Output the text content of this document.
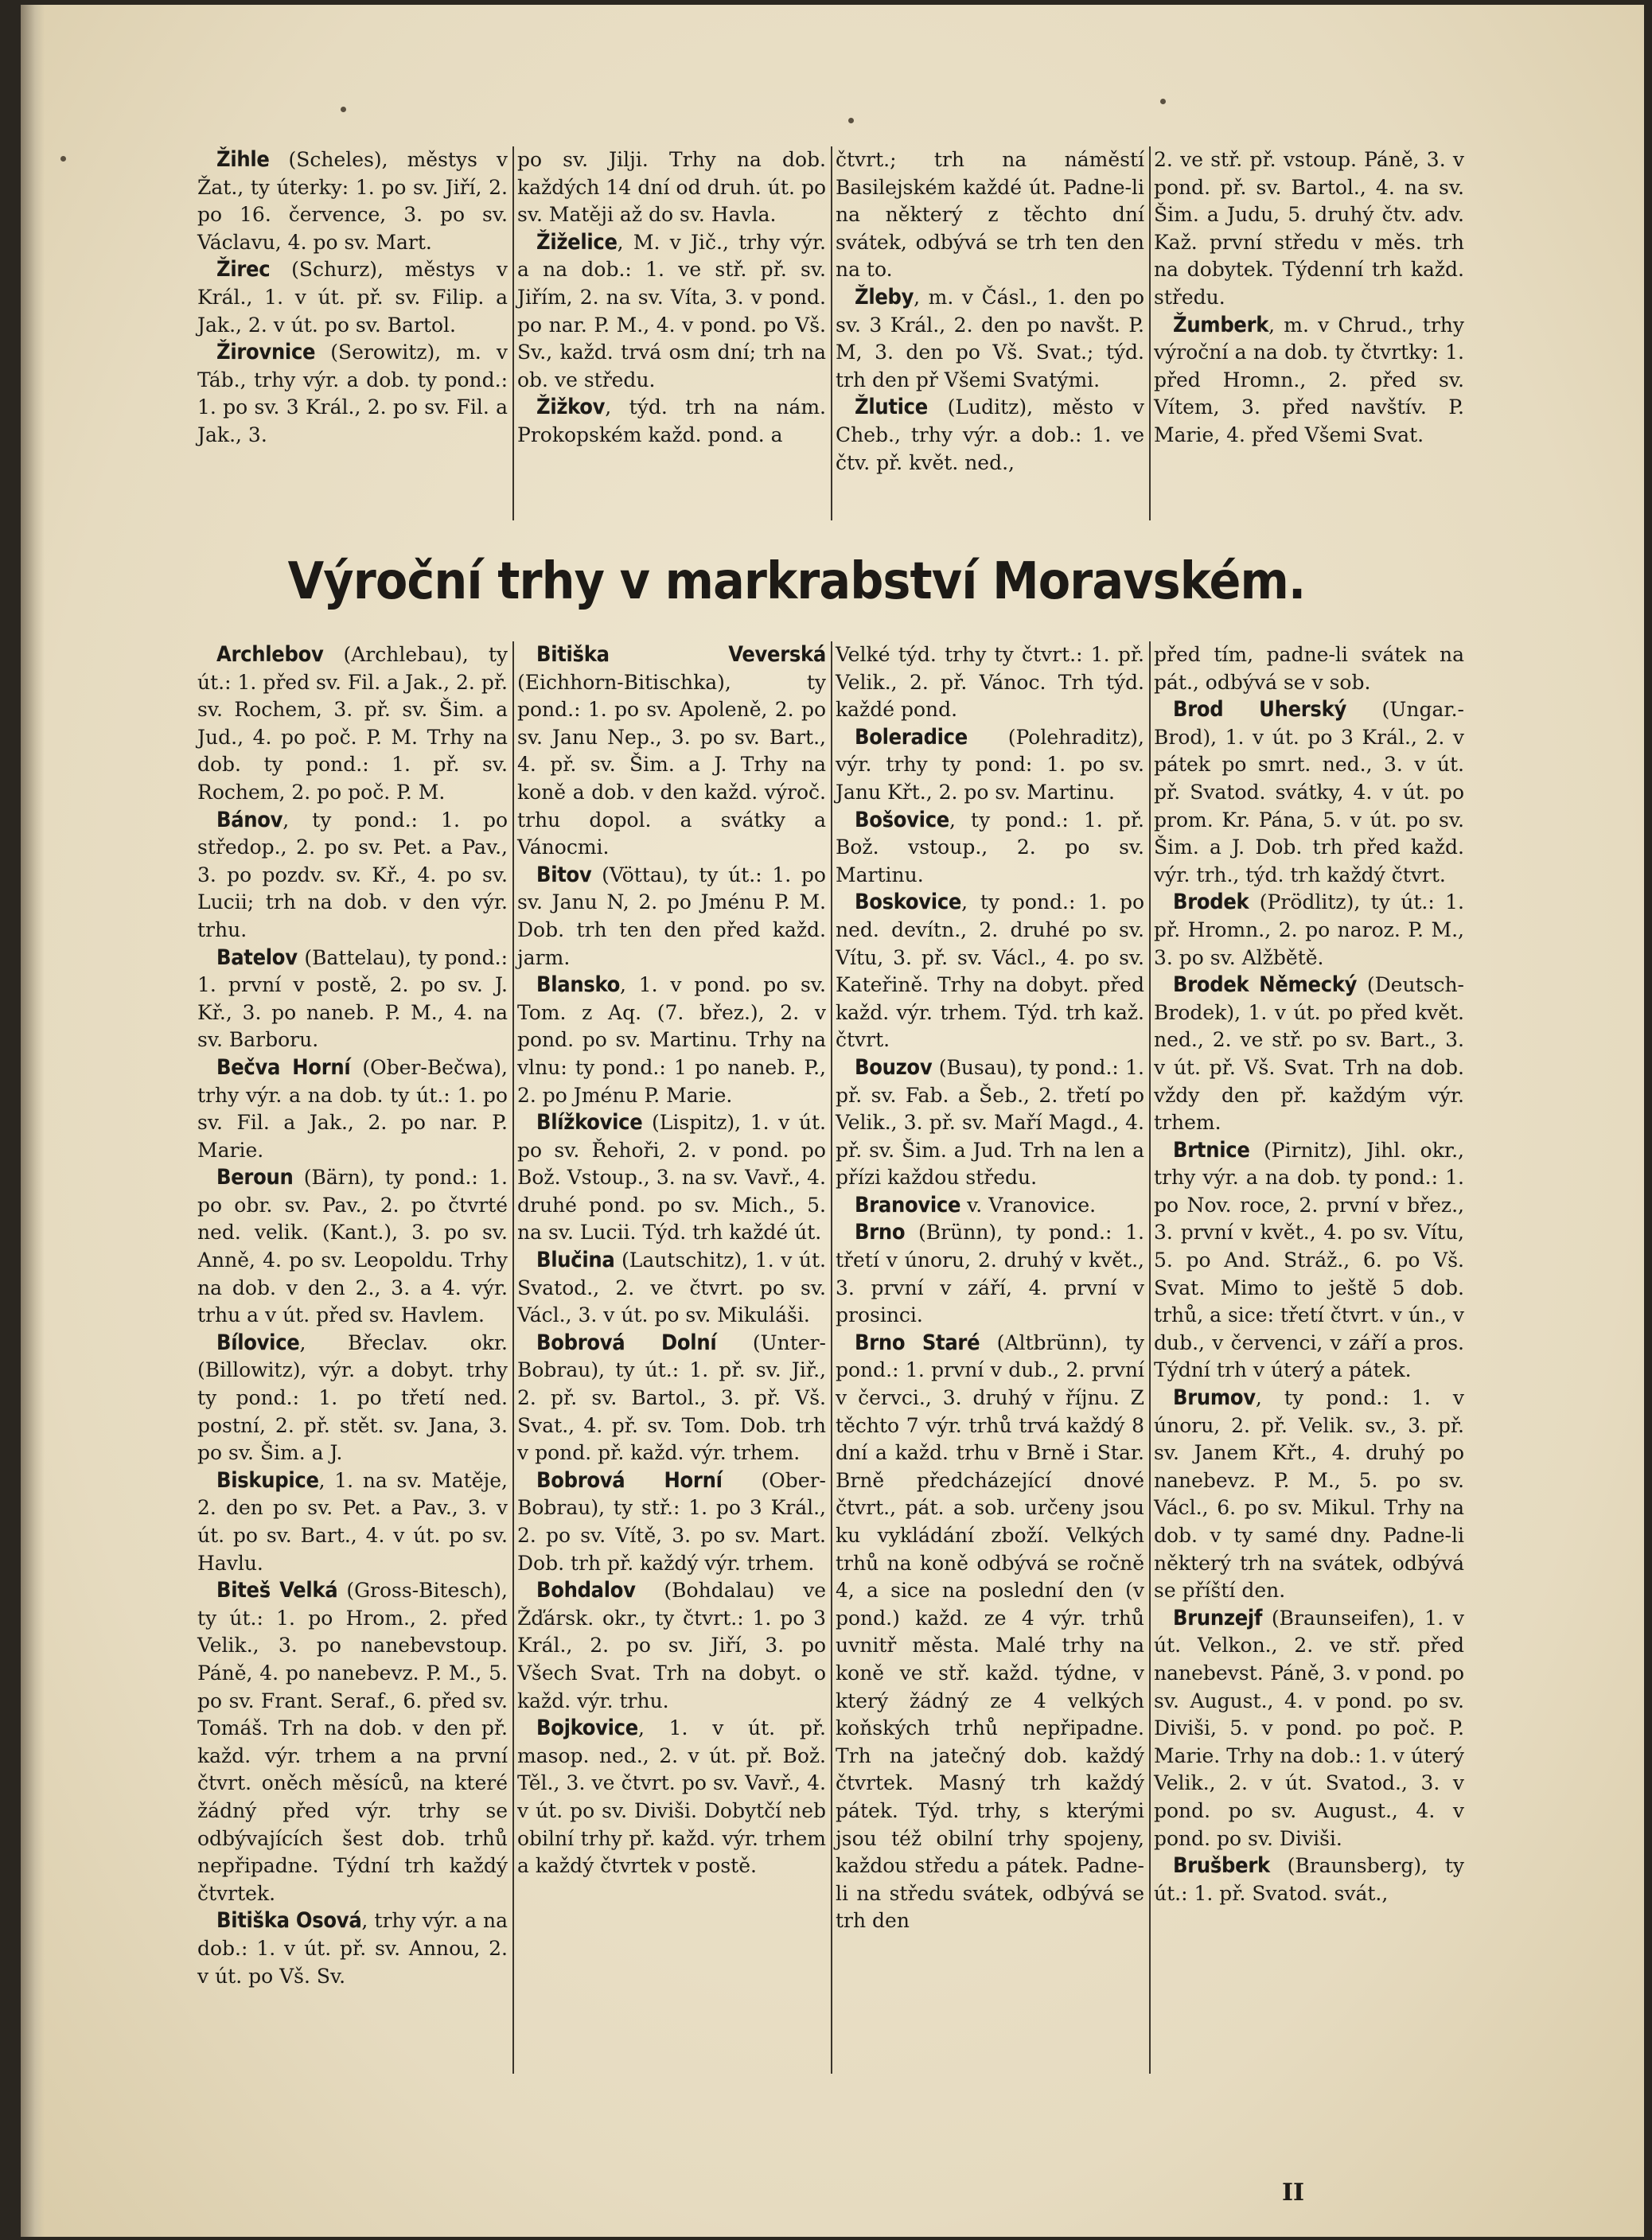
Žihle (Scheles), městys v Žat., ty úterky: 1. po sv. Jiří, 2. po 16. července, 3. po sv. Václavu, 4. po sv. Mart.

Žirec (Schurz), městys v Král., 1. v út. př. sv. Filip. a Jak., 2. v út. po sv. Bartol.

Žirovnice (Serowitz), m. v Táb., trhy výr. a dob. ty pond.: 1. po sv. 3 Král., 2. po sv. Fil. a Jak., 3.

po sv. Jilji. Trhy na dob. každých 14 dní od druh. út. po sv. Matěji až do sv. Havla.

Žiželice, M. v Jič., trhy výr. a na dob.: 1. ve stř. př. sv. Jiřím, 2. na sv. Víta, 3. v pond. po nar. P. M., 4. v pond. po Vš. Sv., každ. trvá osm dní; trh na ob. ve středu.

Žižkov, týd. trh na nám. Prokopském každ. pond. a

čtvrt.; trh na náměstí Basilejském každé út. Padne-li na některý z těchto dní svátek, odbývá se trh ten den na to.

Žleby, m. v Čásl., 1. den po sv. 3 Král., 2. den po navšt. P. M, 3. den po Vš. Svat.; týd. trh den př Všemi Svatými.

Žlutice (Luditz), město v Cheb., trhy výr. a dob.: 1. ve čtv. př. květ. ned.,

2. ve stř. př. vstoup. Páně, 3. v pond. př. sv. Bartol., 4. na sv. Šim. a Judu, 5. druhý čtv. adv. Kaž. první středu v měs. trh na dobytek. Týdenní trh každ. středu.

Žumberk, m. v Chrud., trhy výroční a na dob. ty čtvrtky: 1. před Hromn., 2. před sv. Vítem, 3. před navštív. P. Marie, 4. před Všemi Svat.

Výroční trhy v markrabství Moravském.

Archlebov (Archlebau), ty út.: 1. před sv. Fil. a Jak., 2. př. sv. Rochem, 3. př. sv. Šim. a Jud., 4. po poč. P. M. Trhy na dob. ty pond.: 1. př. sv. Rochem, 2. po poč. P. M.

Bánov, ty pond.: 1. po středop., 2. po sv. Pet. a Pav., 3. po pozdv. sv. Kř., 4. po sv. Lucii; trh na dob. v den výr. trhu.

Batelov (Battelau), ty pond.: 1. první v postě, 2. po sv. J. Kř., 3. po naneb. P. M., 4. na sv. Barboru.

Bečva Horní (Ober-Bečwa), trhy výr. a na dob. ty út.: 1. po sv. Fil. a Jak., 2. po nar. P. Marie.

Beroun (Bärn), ty pond.: 1. po obr. sv. Pav., 2. po čtvrté ned. velik. (Kant.), 3. po sv. Anně, 4. po sv. Leopoldu. Trhy na dob. v den 2., 3. a 4. výr. trhu a v út. před sv. Havlem.

Bílovice, Břeclav. okr. (Billowitz), výr. a dobyt. trhy ty pond.: 1. po třetí ned. postní, 2. př. stět. sv. Jana, 3. po sv. Šim. a J.

Biskupice, 1. na sv. Matěje, 2. den po sv. Pet. a Pav., 3. v út. po sv. Bart., 4. v út. po sv. Havlu.

Biteš Velká (Gross-Bitesch), ty út.: 1. po Hrom., 2. před Velik., 3. po nanebevstoup. Páně, 4. po nanebevz. P. M., 5. po sv. Frant. Seraf., 6. před sv. Tomáš. Trh na dob. v den př. každ. výr. trhem a na první čtvrt. oněch měsíců, na které žádný před výr. trhy se odbývajících šest dob. trhů nepřipadne. Týdní trh každý čtvrtek.

Bitiška Osová, trhy výr. a na dob.: 1. v út. př. sv. Annou, 2. v út. po Vš. Sv.

Bitiška Veverská (Eichhorn-Bitischka), ty pond.: 1. po sv. Apoleně, 2. po sv. Janu Nep., 3. po sv. Bart., 4. př. sv. Šim. a J. Trhy na koně a dob. v den každ. výroč. trhu dopol. a svátky a Vánocmi.

Bitov (Vöttau), ty út.: 1. po sv. Janu N, 2. po Jménu P. M. Dob. trh ten den před každ. jarm.

Blansko, 1. v pond. po sv. Tom. z Aq. (7. břez.), 2. v pond. po sv. Martinu. Trhy na vlnu: ty pond.: 1 po naneb. P., 2. po Jménu P. Marie.

Blížkovice (Lispitz), 1. v út. po sv. Řehoři, 2. v pond. po Bož. Vstoup., 3. na sv. Vavř., 4. druhé pond. po sv. Mich., 5. na sv. Lucii. Týd. trh každé út.

Blučina (Lautschitz), 1. v út. Svatod., 2. ve čtvrt. po sv. Václ., 3. v út. po sv. Mikuláši.

Bobrová Dolní (Unter-Bobrau), ty út.: 1. př. sv. Jiř., 2. př. sv. Bartol., 3. př. Vš. Svat., 4. př. sv. Tom. Dob. trh v pond. př. každ. výr. trhem.

Bobrová Horní (Ober-Bobrau), ty stř.: 1. po 3 Král., 2. po sv. Vítě, 3. po sv. Mart. Dob. trh př. každý výr. trhem.

Bohdalov (Bohdalau) ve Žďársk. okr., ty čtvrt.: 1. po 3 Král., 2. po sv. Jiří, 3. po Všech Svat. Trh na dobyt. o každ. výr. trhu.

Bojkovice, 1. v út. př. masop. ned., 2. v út. př. Bož. Těl., 3. ve čtvrt. po sv. Vavř., 4. v út. po sv. Diviši. Dobytčí neb obilní trhy př. každ. výr. trhem a každý čtvrtek v postě.

Velké týd. trhy ty čtvrt.: 1. př. Velik., 2. př. Vánoc. Trh týd. každé pond.

Boleradice (Polehraditz), výr. trhy ty pond: 1. po sv. Janu Křt., 2. po sv. Martinu.

Bošovice, ty pond.: 1. př. Bož. vstoup., 2. po sv. Martinu.

Boskovice, ty pond.: 1. po ned. devítn., 2. druhé po sv. Vítu, 3. př. sv. Václ., 4. po sv. Kateřině. Trhy na dobyt. před každ. výr. trhem. Týd. trh kaž. čtvrt.

Bouzov (Busau), ty pond.: 1. př. sv. Fab. a Šeb., 2. třetí po Velik., 3. př. sv. Maří Magd., 4. př. sv. Šim. a Jud. Trh na len a přízi každou středu.

Branovice v. Vranovice.

Brno (Brünn), ty pond.: 1. třetí v únoru, 2. druhý v květ., 3. první v září, 4. první v prosinci.

Brno Staré (Altbrünn), ty pond.: 1. první v dub., 2. první v červci., 3. druhý v říjnu. Z těchto 7 výr. trhů trvá každý 8 dní a každ. trhu v Brně i Star. Brně předcházející dnové čtvrt., pát. a sob. určeny jsou ku vykládání zboží. Velkých trhů na koně odbývá se ročně 4, a sice na poslední den (v pond.) každ. ze 4 výr. trhů uvnitř města. Malé trhy na koně ve stř. každ. týdne, v který žádný ze 4 velkých koňských trhů nepřipadne. Trh na jatečný dob. každý čtvrtek. Masný trh každý pátek. Týd. trhy, s kterými jsou též obilní trhy spojeny, každou středu a pátek. Padne-li na středu svátek, odbývá se trh den

před tím, padne-li svátek na pát., odbývá se v sob.

Brod Uherský (Ungar.-Brod), 1. v út. po 3 Král., 2. v pátek po smrt. ned., 3. v út. př. Svatod. svátky, 4. v út. po prom. Kr. Pána, 5. v út. po sv. Šim. a J. Dob. trh před každ. výr. trh., týd. trh každý čtvrt.

Brodek (Prödlitz), ty út.: 1. př. Hromn., 2. po naroz. P. M., 3. po sv. Alžbětě.

Brodek Německý (Deutsch-Brodek), 1. v út. po před květ. ned., 2. ve stř. po sv. Bart., 3. v út. př. Vš. Svat. Trh na dob. vždy den př. každým výr. trhem.

Brtnice (Pirnitz), Jihl. okr., trhy výr. a na dob. ty pond.: 1. po Nov. roce, 2. první v břez., 3. první v květ., 4. po sv. Vítu, 5. po And. Stráž., 6. po Vš. Svat. Mimo to ještě 5 dob. trhů, a sice: třetí čtvrt. v ún., v dub., v červenci, v září a pros. Týdní trh v úterý a pátek.

Brumov, ty pond.: 1. v únoru, 2. př. Velik. sv., 3. př. sv. Janem Křt., 4. druhý po nanebevz. P. M., 5. po sv. Václ., 6. po sv. Mikul. Trhy na dob. v ty samé dny. Padne-li některý trh na svátek, odbývá se příští den.

Brunzejf (Braunseifen), 1. v út. Velkon., 2. ve stř. před nanebevst. Páně, 3. v pond. po sv. August., 4. v pond. po sv. Diviši, 5. v pond. po poč. P. Marie. Trhy na dob.: 1. v úterý Velik., 2. v út. Svatod., 3. v pond. po sv. August., 4. v pond. po sv. Diviši.

Brušberk (Braunsberg), ty út.: 1. př. Svatod. svát.,

II
